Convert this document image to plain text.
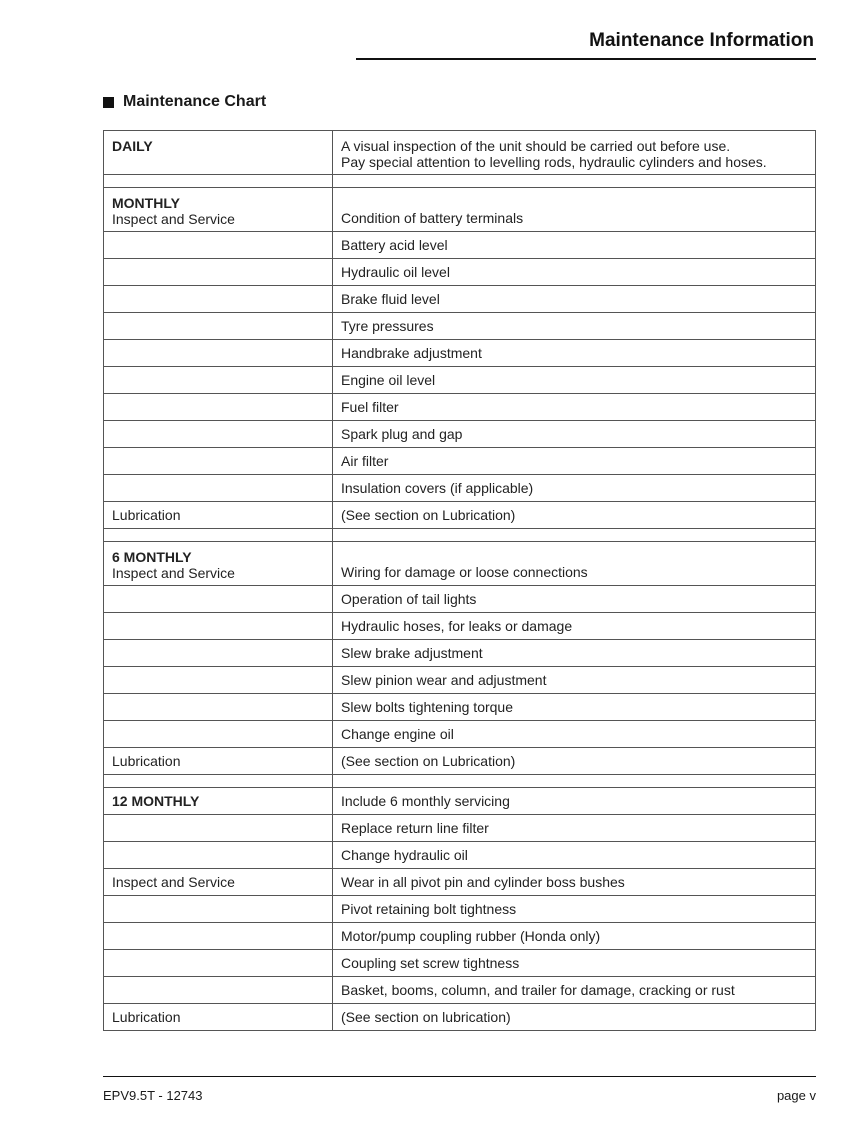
Maintenance Information
Maintenance Chart
DAILY	A visual inspection of the unit should be carried out before use.
Pay special attention to levelling rods, hydraulic cylinders and hoses.

MONTHLY
Inspect and Service	Condition of battery terminals
	Battery acid level
	Hydraulic oil level
	Brake fluid level
	Tyre pressures
	Handbrake adjustment
	Engine oil level
	Fuel filter
	Spark plug and gap
	Air filter
	Insulation covers (if applicable)
Lubrication	(See section on Lubrication)

6 MONTHLY
Inspect and Service	Wiring for damage or loose connections
	Operation of tail lights
	Hydraulic hoses, for leaks or damage
	Slew brake adjustment
	Slew pinion wear and adjustment
	Slew bolts tightening torque
	Change engine oil
Lubrication	(See section on Lubrication)

12 MONTHLY	Include 6 monthly servicing
	Replace return line filter
	Change hydraulic oil
Inspect and Service	Wear in all pivot pin and cylinder boss bushes
	Pivot retaining bolt tightness
	Motor/pump coupling rubber (Honda only)
	Coupling set screw tightness
	Basket, booms, column, and trailer for damage, cracking or rust
Lubrication	(See section on lubrication)
EPV9.5T - 12743	page v
